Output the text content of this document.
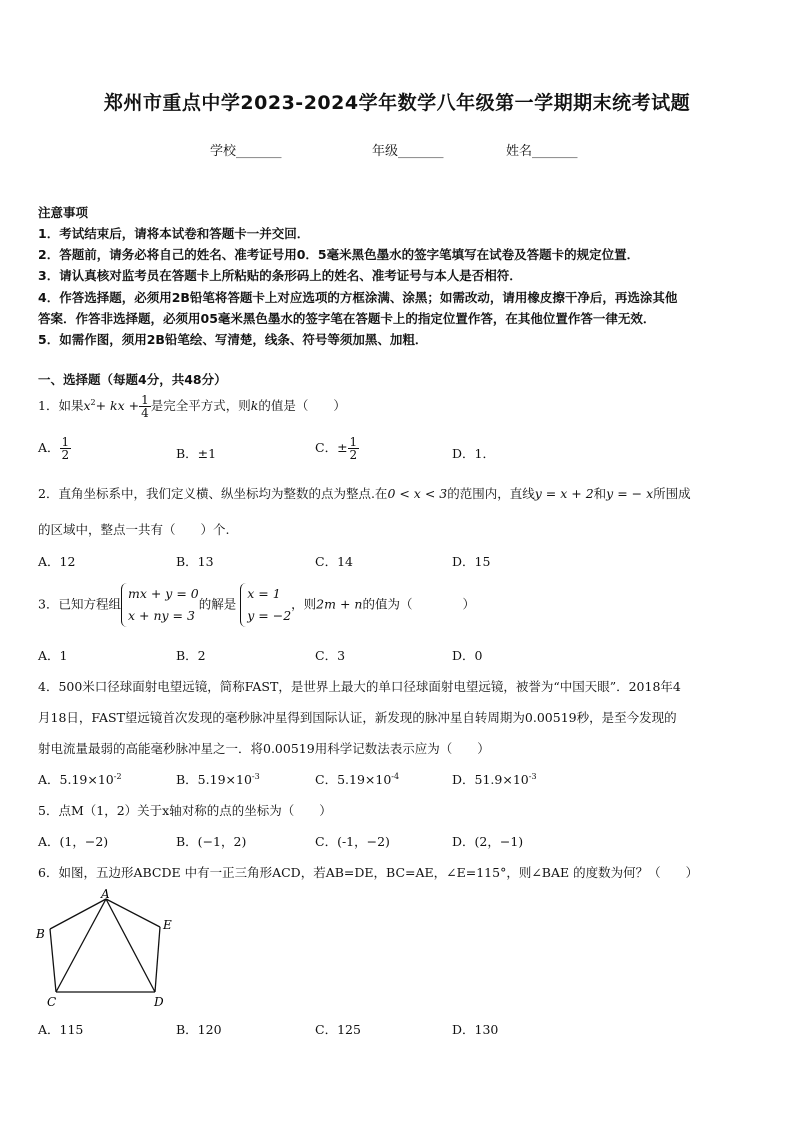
郑州市重点中学2023-2024学年数学八年级第一学期期末统考试题
学校_______	年级_______	姓名_______
注意事项
1．考试结束后，请将本试卷和答题卡一并交回．
2．答题前，请务必将自己的姓名、准考证号用0．5毫米黑色墨水的签字笔填写在试卷及答题卡的规定位置．
3．请认真核对监考员在答题卡上所粘贴的条形码上的姓名、准考证号与本人是否相符．
4．作答选择题，必须用2B铅笔将答题卡上对应选项的方框涂满、涂黑；如需改动，请用橡皮擦干净后，再选涂其他
答案．作答非选择题，必须用05毫米黑色墨水的签字笔在答题卡上的指定位置作答，在其他位置作答一律无效．
5．如需作图，须用2B铅笔绘、写清楚，线条、符号等须加黑、加粗．
一、选择题（每题4分，共48分）
1．如果$x^2+$ kx + $\frac{1}{4}$ 是完全平方式，则k的值是（　　）
A． $\frac{1}{2}$	B．±1	C．± $\frac{1}{2}$	D．1．
2．直角坐标系中，我们定义横、纵坐标均为整数的点为整点.在0 < x < 3的范围内，直线y = x + 2和y = − x所围成
的区域中，整点一共有（　　）个.
A．12	B．13	C．14	D．15
3．已知方程组mx + y = 0
x + ny = 3的解是 x = 1
y = −2，则2m + n的值为（　　　　）
A．1	B．2	C．3	D．0
4．500米口径球面射电望远镜，简称FAST，是世界上最大的单口径球面射电望远镜，被誉为“中国天眼”．2018年4
月18日，FAST望远镜首次发现的毫秒脉冲星得到国际认证，新发现的脉冲星自转周期为0.00519秒，是至今发现的
射电流量最弱的高能毫秒脉冲星之一．将0.00519用科学记数法表示应为（　　）
A．$5.19\times 10^{-2}$	B．$5.19\times 10^{-3}$	C．$5.19\times 10^{-4}$	D．$51.9\times 10^{-3}$
5．点M（1，2）关于x轴对称的点的坐标为（　　）
A．(1，−2)	B．(−1，2)	C．(-1，−2)	D．(2，−1)
6．如图，五边形ABCDE 中有一正三角形ACD，若AB=DE，BC=AE，∠E=115°，则∠BAE 的度数为何？（　　）
A
B
C	D
E
A．115	B．120	C．125	D．130
